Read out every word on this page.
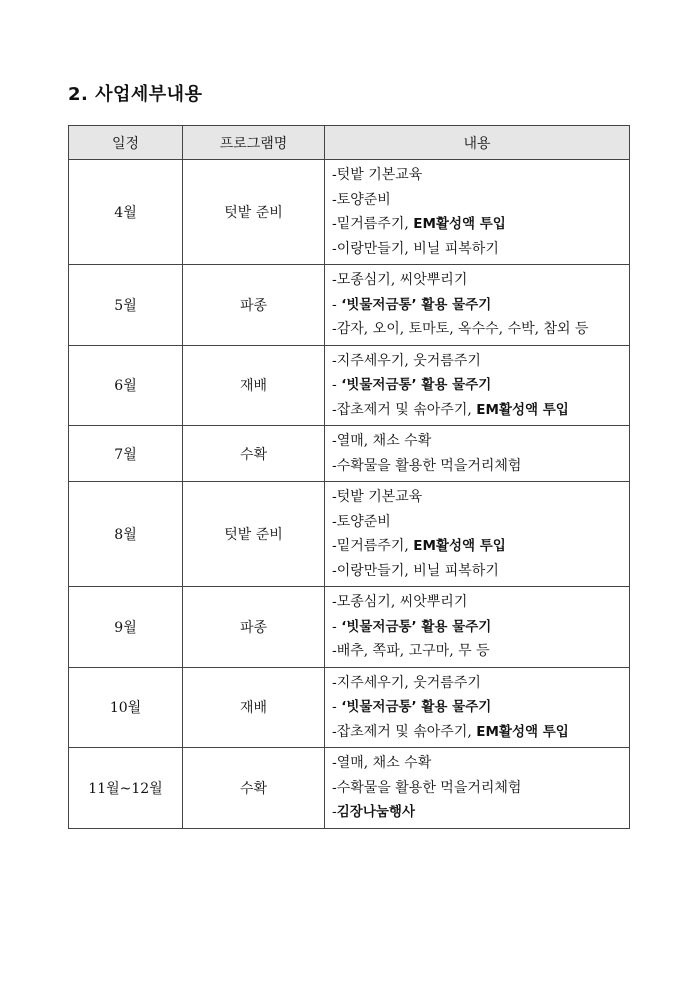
2. 사업세부내용
일정	프로그램명	내용
4월	텃밭 준비	-텃밭 기본교육
-토양준비
-밑거름주기, EM활성액 투입
-이랑만들기, 비닐 피복하기

5월	파종	-모종심기, 씨앗뿌리기
- ‘빗물저금통’ 활용 물주기
-감자, 오이, 토마토, 옥수수, 수박, 참외 등

6월	재배	-지주세우기, 웃거름주기
- ‘빗물저금통’ 활용 물주기
-잡초제거 및 솎아주기, EM활성액 투입

7월	수확	-열매, 채소 수확
-수확물을 활용한 먹을거리체험

8월	텃밭 준비	-텃밭 기본교육
-토양준비
-밑거름주기, EM활성액 투입
-이랑만들기, 비닐 피복하기

9월	파종	-모종심기, 씨앗뿌리기
- ‘빗물저금통’ 활용 물주기
-배추, 쪽파, 고구마, 무 등

10월	재배	-지주세우기, 웃거름주기
- ‘빗물저금통’ 활용 물주기
-잡초제거 및 솎아주기, EM활성액 투입

11월~12월	수확	-열매, 채소 수확
-수확물을 활용한 먹을거리체험
-김장나눔행사
